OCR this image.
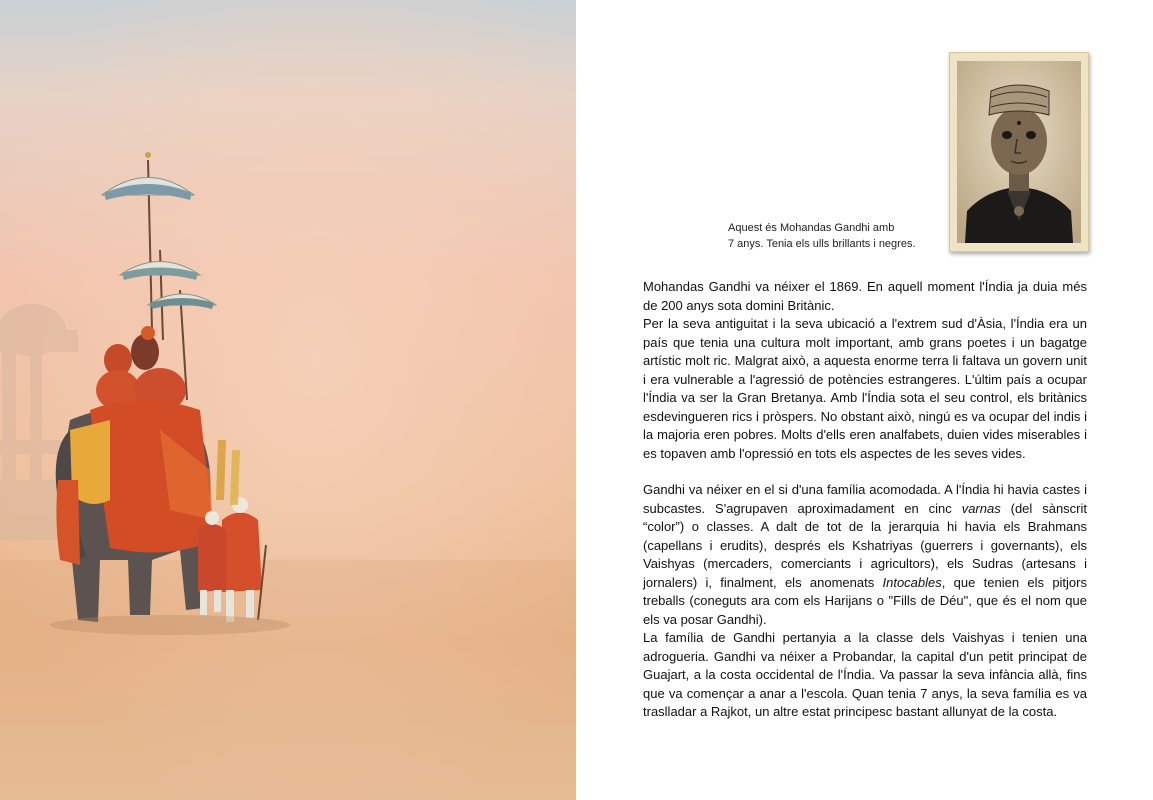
Aquest és Mohandas Gandhi amb
7 anys. Tenia els ulls brillants i negres.

Mohandas Gandhi va néixer el 1869. En aquell moment l'Índia ja duia més de 200 anys sota domini Britànic.

Per la seva antiguitat i la seva ubicació a l'extrem sud d'Àsia, l'Índia era un país que tenia una cultura molt important, amb grans poetes i un bagatge artístic molt ric. Malgrat això, a aquesta enorme terra li faltava un govern unit i era vulnerable a l'agressió de potències estrangeres. L'últim país a ocupar l'Índia va ser la Gran Bretanya. Amb l'Índia sota el seu control, els britànics esdevingueren rics i pròspers. No obstant això, ningú es va ocupar del indis i la majoria eren pobres. Molts d'ells eren analfabets, duien vides miserables i es topaven amb l'opressió en tots els aspectes de les seves vides.

Gandhi va néixer en el si d'una família acomodada. A l'Índia hi havia castes i subcastes. S'agrupaven aproximadament en cinc varnas (del sànscrit “color”) o classes. A dalt de tot de la jerarquia hi havia els Brahmans (capellans i erudits), després els Kshatriyas (guerrers i governants), els Vaishyas (mercaders, comerciants i agricultors), els Sudras (artesans i jornalers) i, finalment, els anomenats Intocables, que tenien els pitjors treballs (coneguts ara com els Harijans o "Fills de Déu", que és el nom que els va posar Gandhi).

La família de Gandhi pertanyia a la classe dels Vaishyas i tenien una adrogueria. Gandhi va néixer a Probandar, la capital d'un petit principat de Guajart, a la costa occidental de l'Índia. Va passar la seva infància allà, fins que va començar a anar a l'escola. Quan tenia 7 anys, la seva família es va traslladar a Rajkot, un altre estat principesc bastant allunyat de la costa.
